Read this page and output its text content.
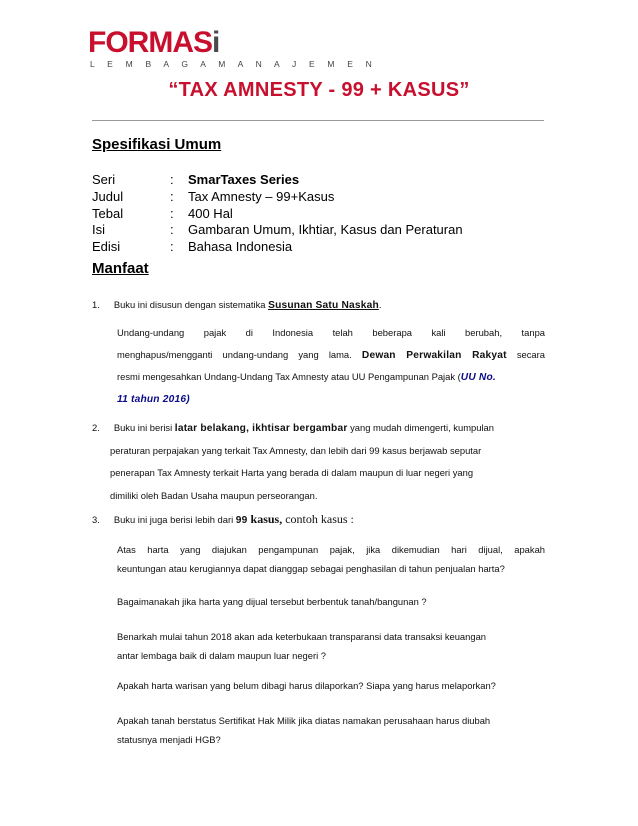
FORMASi
L E M B A G A M A N A J E M E N
“TAX AMNESTY - 99 + KASUS”
Spesifikasi Umum
Seri	: SmarTaxes Series
Judul	: Tax Amnesty – 99+Kasus
Tebal	: 400 Hal
Isi	: Gambaran Umum, Ikhtiar, Kasus dan Peraturan
Edisi	: Bahasa Indonesia
Manfaat
1. Buku ini disusun dengan sistematika Susunan Satu Naskah.
Undang-undang pajak di Indonesia telah beberapa kali berubah, tanpa
menghapus/mengganti undang-undang yang lama. Dewan Perwakilan Rakyat secara
resmi mengesahkan Undang-Undang Tax Amnesty atau UU Pengampunan Pajak (UU No.
11 tahun 2016)
2. Buku ini berisi latar belakang, ikhtisar bergambar yang mudah dimengerti, kumpulan
peraturan perpajakan yang terkait Tax Amnesty, dan lebih dari 99 kasus berjawab seputar
penerapan Tax Amnesty terkait Harta yang berada di dalam maupun di luar negeri yang
dimiliki oleh Badan Usaha maupun perseorangan.
3. Buku ini juga berisi lebih dari 99 kasus, contoh kasus :
Atas harta yang diajukan pengampunan pajak, jika dikemudian hari dijual, apakah
keuntungan atau kerugiannya dapat dianggap sebagai penghasilan di tahun penjualan harta?
Bagaimanakah jika harta yang dijual tersebut berbentuk tanah/bangunan ?
Benarkah mulai tahun 2018 akan ada keterbukaan transparansi data transaksi keuangan
antar lembaga baik di dalam maupun luar negeri ?
Apakah harta warisan yang belum dibagi harus dilaporkan? Siapa yang harus melaporkan?
Apakah tanah berstatus Sertifikat Hak Milik jika diatas namakan perusahaan harus diubah
statusnya menjadi HGB?
